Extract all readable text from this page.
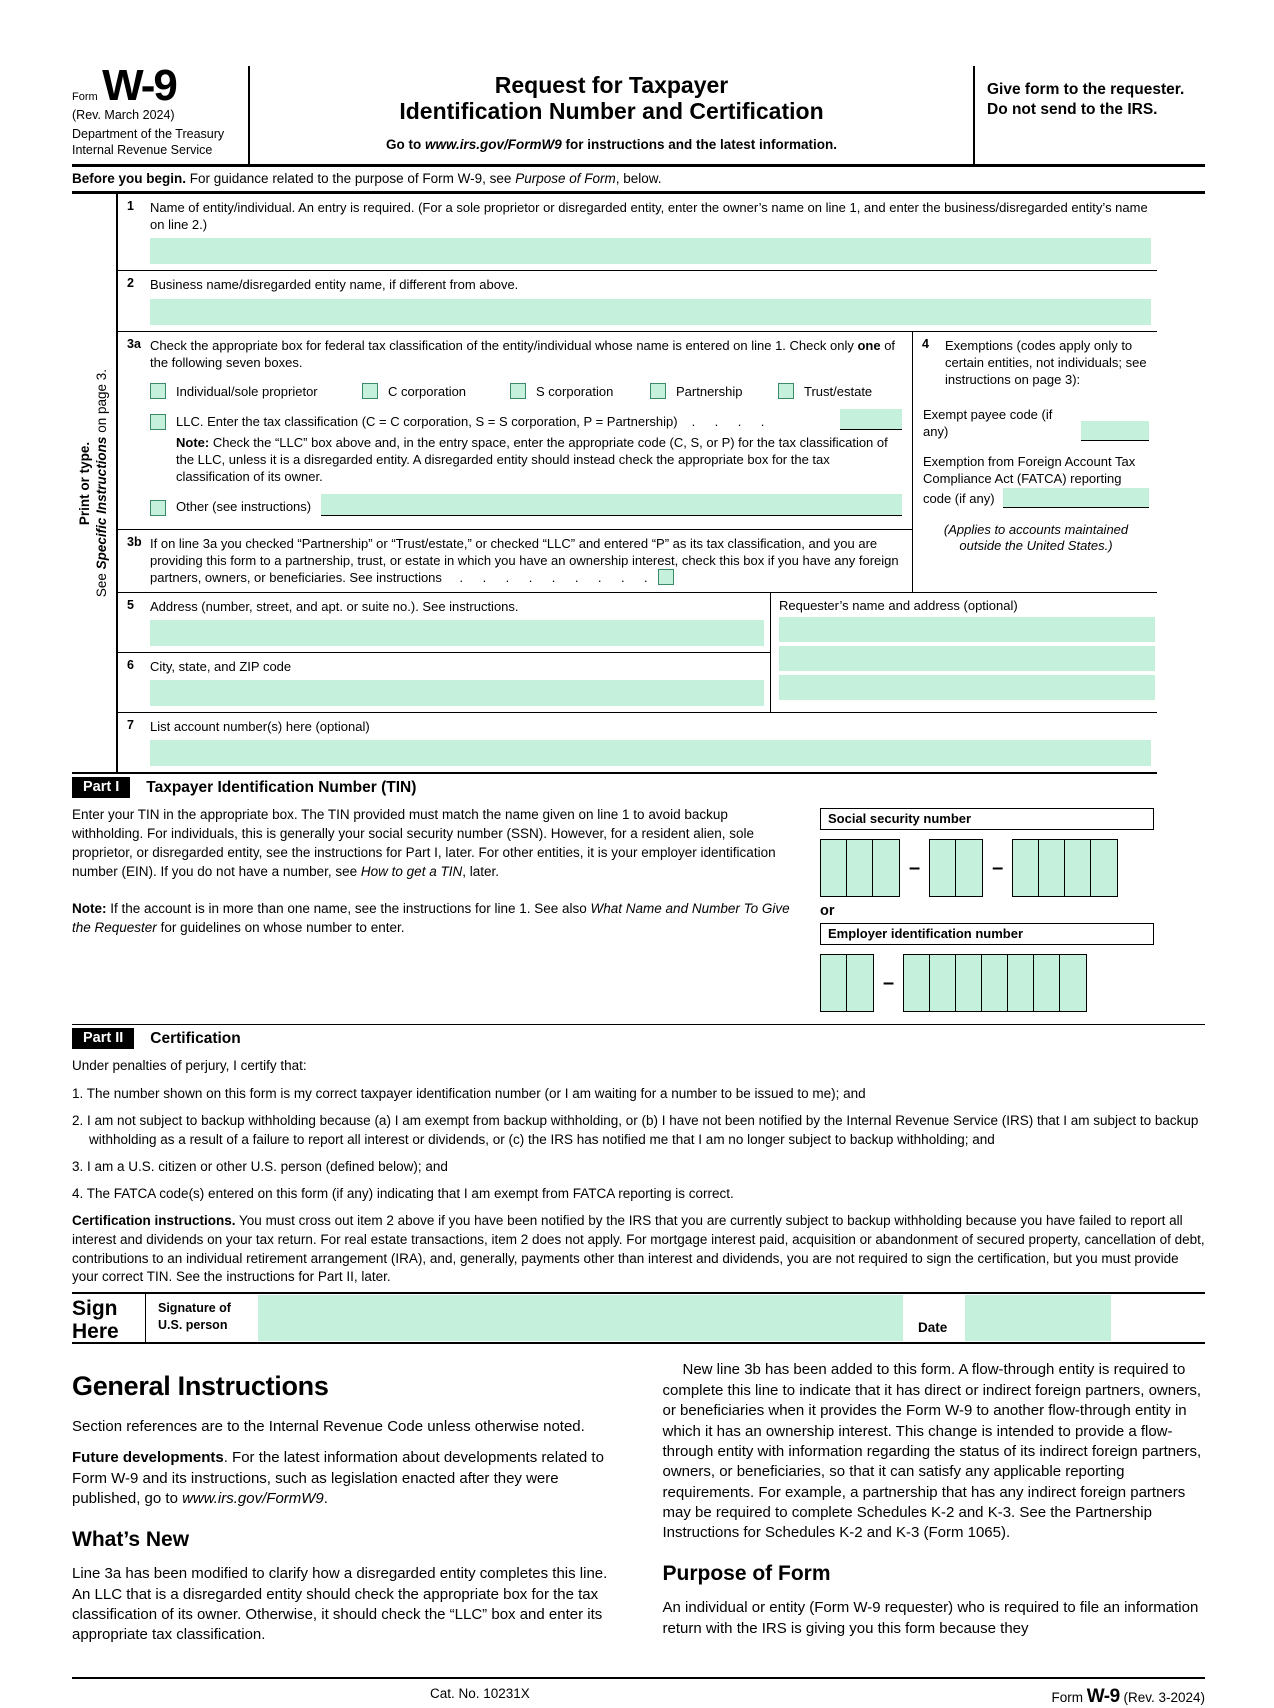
Form W-9
(Rev. March 2024)
Department of the Treasury
Internal Revenue Service
Request for Taxpayer
Identification Number and Certification
Go to www.irs.gov/FormW9 for instructions and the latest information.
Give form to the requester. Do not send to the IRS.
Before you begin. For guidance related to the purpose of Form W-9, see Purpose of Form, below.
Print or type.
See Specific Instructions on page 3.
1	Name of entity/individual. An entry is required. (For a sole proprietor or disregarded entity, enter the owner’s name on line 1, and enter the business/disregarded entity’s name on line 2.)
2	Business name/disregarded entity name, if different from above.
3a Check the appropriate box for federal tax classification of the entity/individual whose name is entered on line 1. Check only one of the following seven boxes.
Individual/sole proprietor	C corporation	S corporation	Partnership	Trust/estate
LLC. Enter the tax classification (C = C corporation, S = S corporation, P = Partnership) .    .    .    .
Note: Check the “LLC” box above and, in the entry space, enter the appropriate code (C, S, or P) for the tax classification of the LLC, unless it is a disregarded entity. A disregarded entity should instead check the appropriate box for the tax classification of its owner.
Other (see instructions)
3b If on line 3a you checked “Partnership” or “Trust/estate,” or checked “LLC” and entered “P” as its tax classification, and you are providing this form to a partnership, trust, or estate in which you have an ownership interest, check this box if you have any foreign partners, owners, or beneficiaries. See instructions .    .    .    .    .    .    .    .    .
4	Exemptions (codes apply only to certain entities, not individuals; see instructions on page 3):
Exempt payee code (if any)
Exemption from Foreign Account Tax Compliance Act (FATCA) reporting
code (if any)
(Applies to accounts maintained outside the United States.)
5	Address (number, street, and apt. or suite no.). See instructions.
6	City, state, and ZIP code
Requester’s name and address (optional)
7	List account number(s) here (optional)
Part I	Taxpayer Identification Number (TIN)

Enter your TIN in the appropriate box. The TIN provided must match the name given on line 1 to avoid backup withholding. For individuals, this is generally your social security number (SSN). However, for a resident alien, sole proprietor, or disregarded entity, see the instructions for Part I, later. For other entities, it is your employer identification number (EIN). If you do not have a number, see How to get a TIN, later.

Note: If the account is in more than one name, see the instructions for line 1. See also What Name and Number To Give the Requester for guidelines on whose number to enter.

Social security number
–	–
or
Employer identification number
–
Part II	Certification
Under penalties of perjury, I certify that:
1. The number shown on this form is my correct taxpayer identification number (or I am waiting for a number to be issued to me); and
2. I am not subject to backup withholding because (a) I am exempt from backup withholding, or (b) I have not been notified by the Internal Revenue Service (IRS) that I am subject to backup withholding as a result of a failure to report all interest or dividends, or (c) the IRS has notified me that I am no longer subject to backup withholding; and
3. I am a U.S. citizen or other U.S. person (defined below); and
4. The FATCA code(s) entered on this form (if any) indicating that I am exempt from FATCA reporting is correct.
Certification instructions. You must cross out item 2 above if you have been notified by the IRS that you are currently subject to backup withholding because you have failed to report all interest and dividends on your tax return. For real estate transactions, item 2 does not apply. For mortgage interest paid, acquisition or abandonment of secured property, cancellation of debt, contributions to an individual retirement arrangement (IRA), and, generally, payments other than interest and dividends, you are not required to sign the certification, but you must provide your correct TIN. See the instructions for Part II, later.
Sign
Here
Signature of
U.S. person	Date
General Instructions

Section references are to the Internal Revenue Code unless otherwise noted.

Future developments. For the latest information about developments related to Form W-9 and its instructions, such as legislation enacted after they were published, go to www.irs.gov/FormW9.

What’s New

Line 3a has been modified to clarify how a disregarded entity completes this line. An LLC that is a disregarded entity should check the appropriate box for the tax classification of its owner. Otherwise, it should check the “LLC” box and enter its appropriate tax classification.

New line 3b has been added to this form. A flow-through entity is required to complete this line to indicate that it has direct or indirect foreign partners, owners, or beneficiaries when it provides the Form W-9 to another flow-through entity in which it has an ownership interest. This change is intended to provide a flow-through entity with information regarding the status of its indirect foreign partners, owners, or beneficiaries, so that it can satisfy any applicable reporting requirements. For example, a partnership that has any indirect foreign partners may be required to complete Schedules K-2 and K-3. See the Partnership Instructions for Schedules K-2 and K-3 (Form 1065).

Purpose of Form

An individual or entity (Form W-9 requester) who is required to file an information return with the IRS is giving you this form because they

Cat. No. 10231X	Form W-9 (Rev. 3-2024)
